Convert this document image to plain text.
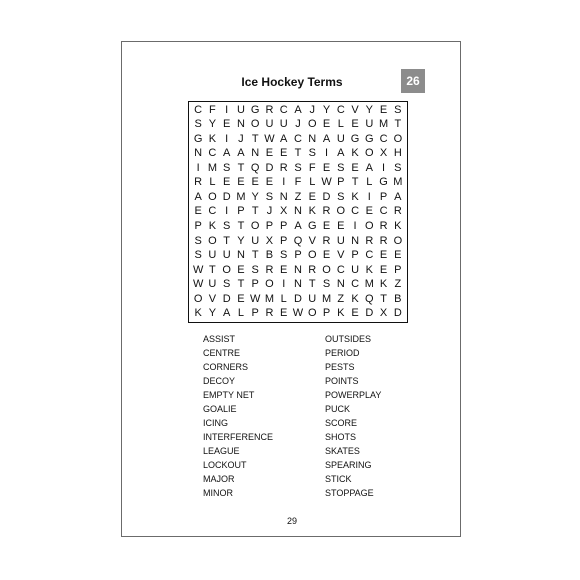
Ice Hockey Terms	26
C F I U G R C A J Y C V Y E S
S Y E N O U U J O E L E U M T
G K I J T W A C N A U G G C O
N C A A N E E T S I A K O X H
I M S T Q D R S F E S E A I S
R L E E E E I F L W P T L G M
A O D M Y S N Z E D S K I P A
E C I P T J X N K R O C E C R
P K S T O P P A G E E I O R K
S O T Y U X P Q V R U N R R O
S U U N T B S P O E V P C E E
W T O E S R E N R O C U K E P
W U S T P O I N T S N C M K Z
O V D E W M L D U M Z K Q T B
K Y A L P R E W O P K E D X D
ASSIST
CENTRE
CORNERS
DECOY
EMPTY NET
GOALIE
ICING
INTERFERENCE
LEAGUE
LOCKOUT
MAJOR
MINOR
OUTSIDES
PERIOD
PESTS
POINTS
POWERPLAY
PUCK
SCORE
SHOTS
SKATES
SPEARING
STICK
STOPPAGE
29
